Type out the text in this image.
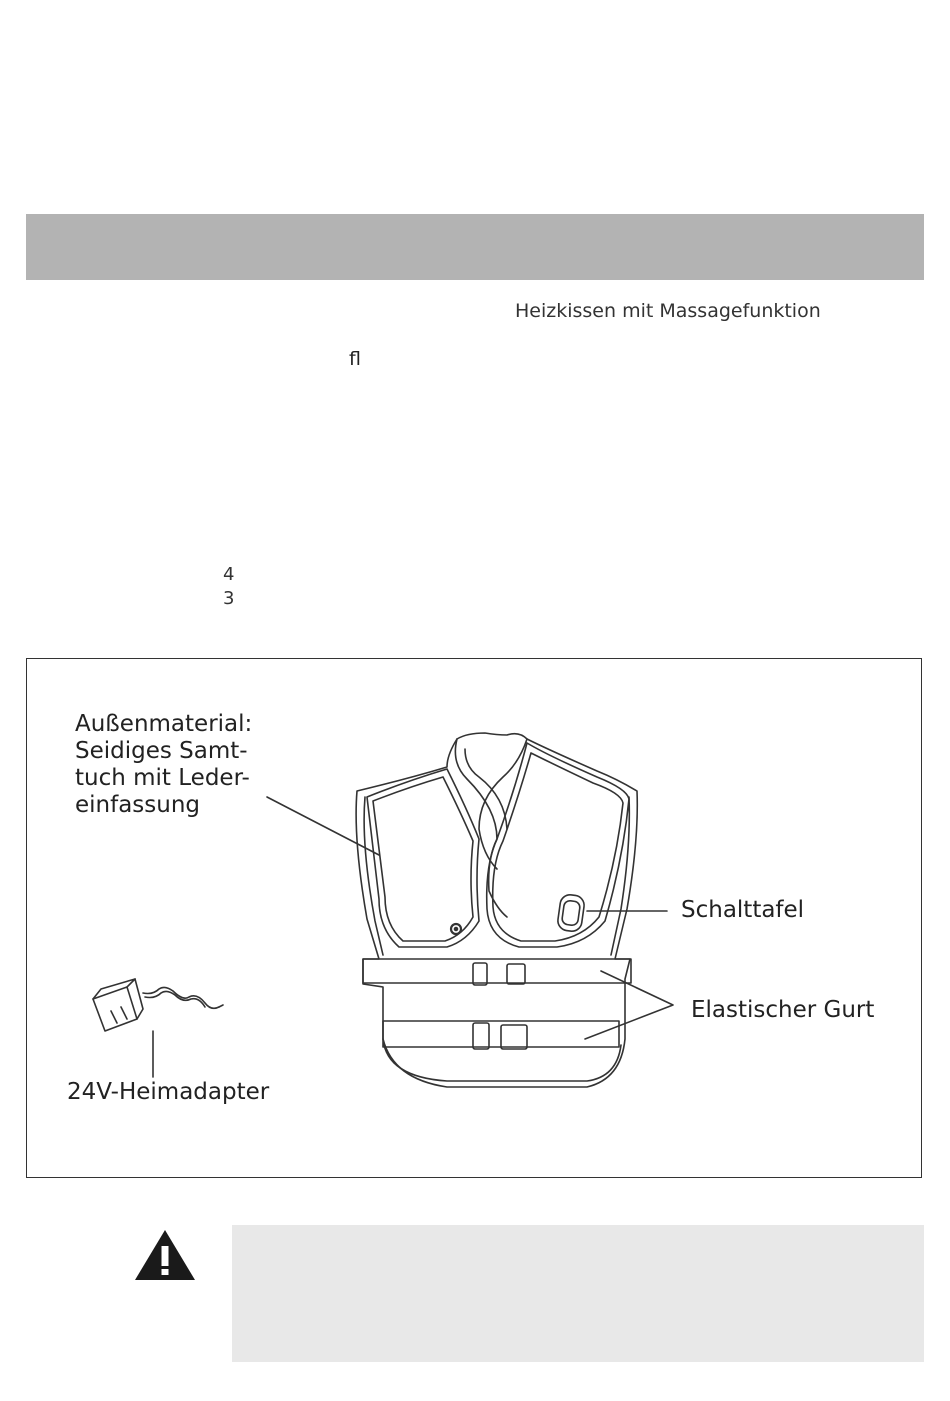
Heizkissen mit Massagefunktion
fl
4
3
Außenmaterial:
Seidiges Samt-
tuch mit Leder-
einfassung
Schalttafel
Elastischer Gurt
24V-Heimadapter
